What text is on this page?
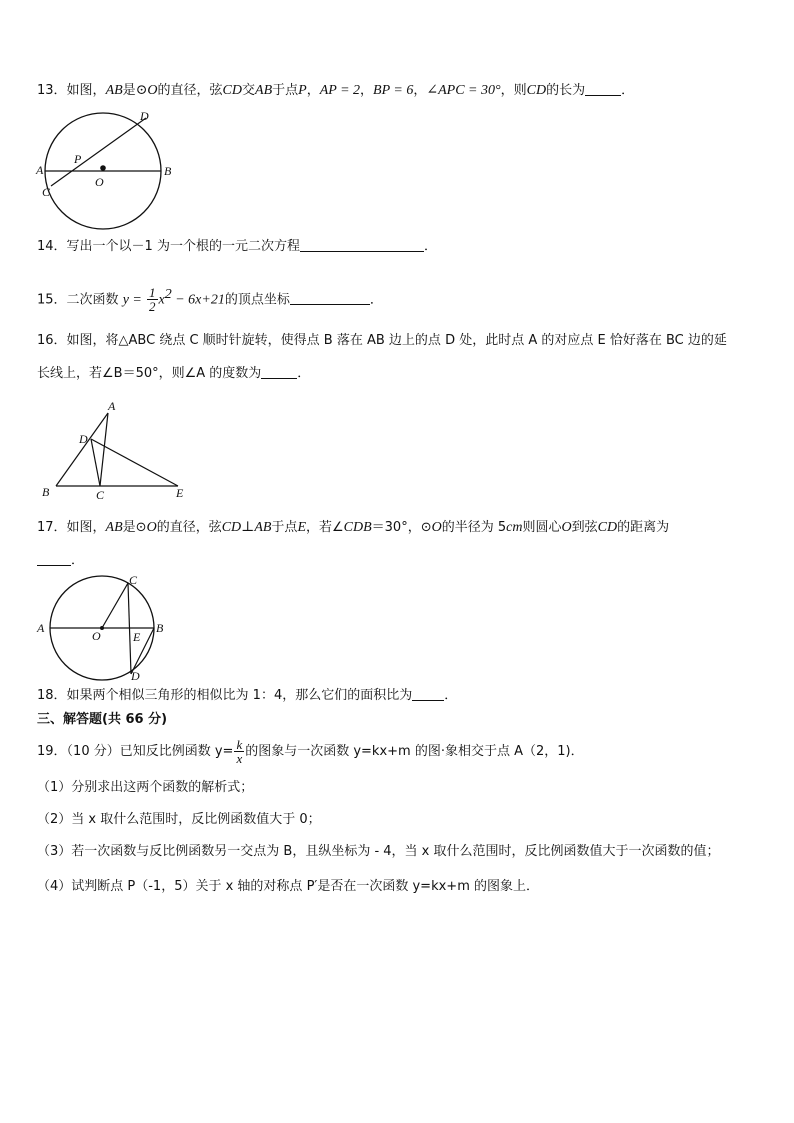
13．如图，AB是⊙O的直径，弦CD交AB于点P，AP = 2，BP = 6，∠APC = 30°，则CD的长为	．
A	B
C
D
P
O
14．写出一个以－1 为一个根的一元二次方程	．
15．二次函数 $y = \frac{1}{2} x^2 - 6x+21$的顶点坐标	．
16．如图，将△ABC 绕点 C 顺时针旋转，使得点 B 落在 AB 边上的点 D 处，此时点 A 的对应点 E 恰好落在 BC 边的延
长线上，若∠B＝50°，则∠A 的度数为	．
A
D
B	C	E
17．如图，AB是⊙O的直径，弦CD⊥AB于点E，若∠CDB＝30°，⊙O的半径为 5cm则圆心O到弦CD的距离为
．
A	B
C
D
E
O
18．如果两个相似三角形的相似比为 1：4，那么它们的面积比为 ．
三、解答题(共 66 分)
19．（10 分）已知反比例函数 $y= \frac{k}{x}$ 的图象与一次函数 y=kx+m 的图·象相交于点 A（2，1)．
（1）分别求出这两个函数的解析式；
（2）当 x 取什么范围时，反比例函数值大于 0；
（3）若一次函数与反比例函数另一交点为 B，且纵坐标为 - 4，当 x 取什么范围时，反比例函数值大于一次函数的值；
（4）试判断点 P（-1，5）关于 x 轴的对称点 P′是否在一次函数 y=kx+m 的图象上．
